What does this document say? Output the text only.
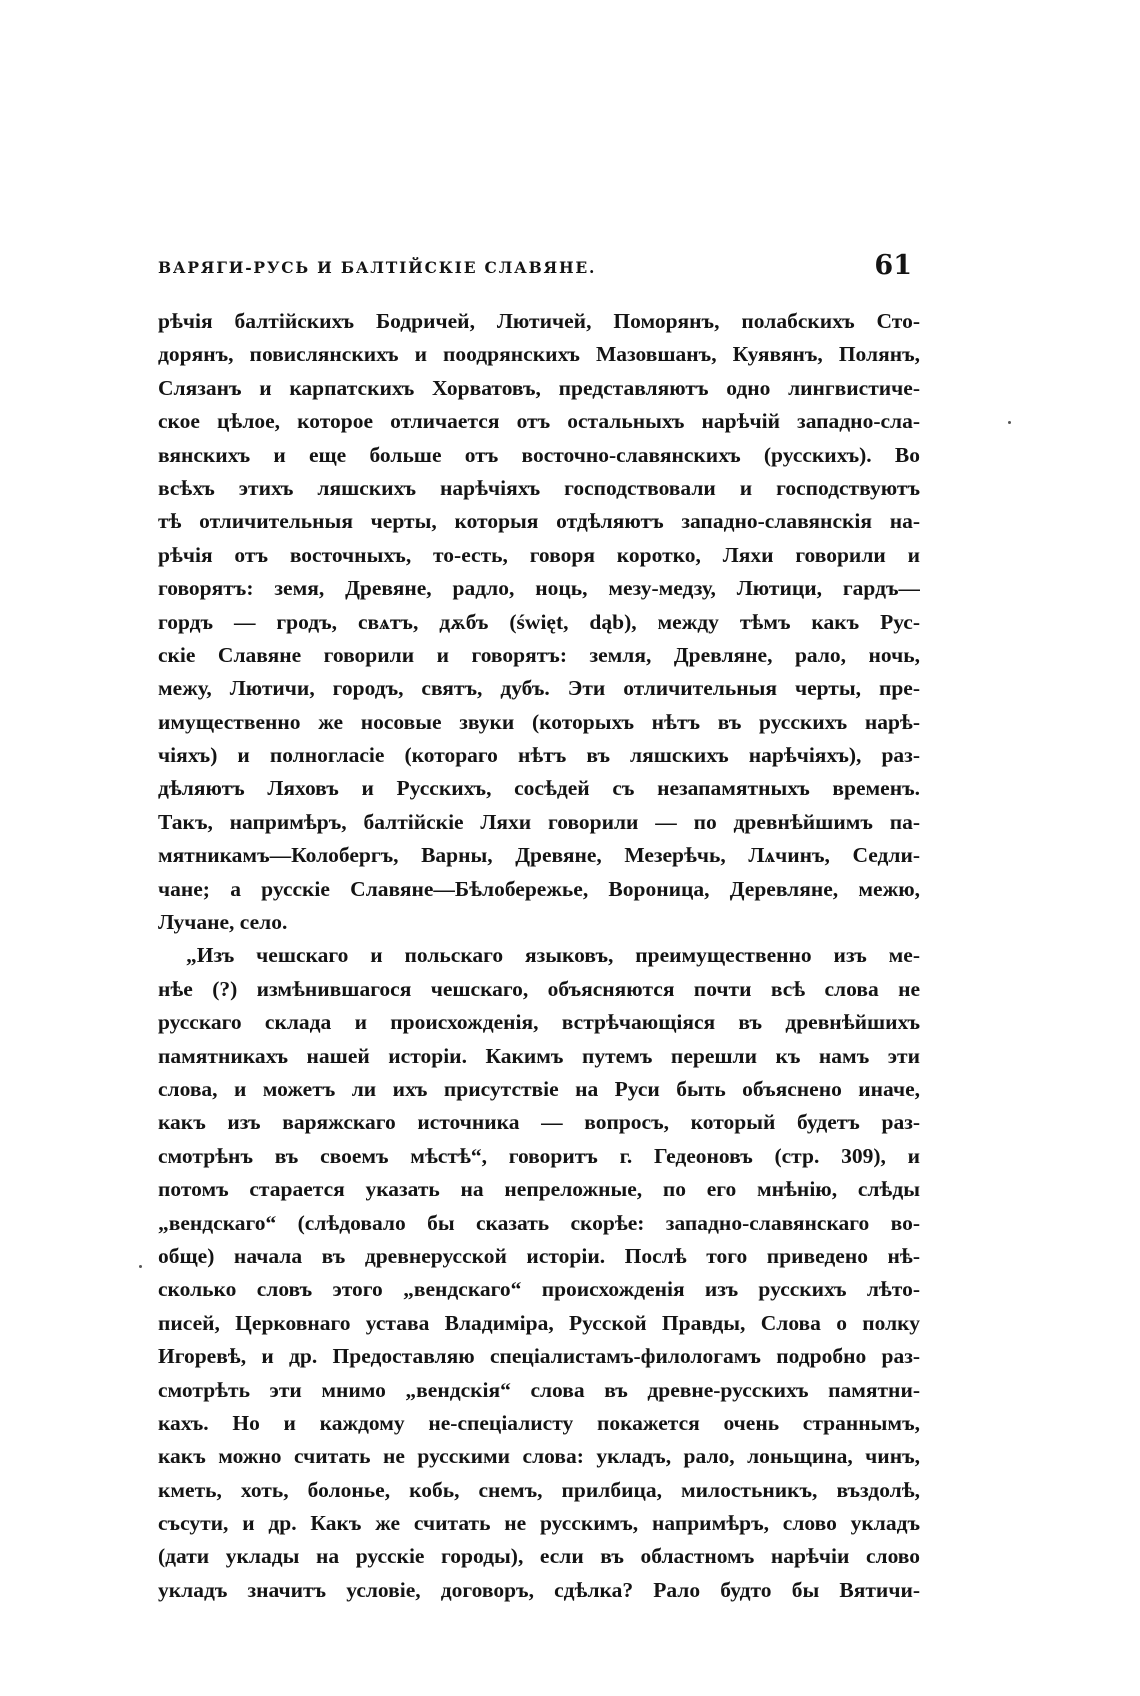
ВАРЯГИ-РУСЬ И БАЛТІЙСКІЕ СЛАВЯНЕ.	61
рѣчія балтійскихъ Бодричей, Лютичей, Поморянъ, полабскихъ Сто-
дорянъ, повислянскихъ и поодрянскихъ Мазовшанъ, Куявянъ, Полянъ,
Слязанъ и карпатскихъ Хорватовъ, представляютъ одно лингвистиче-
ское цѣлое, которое отличается отъ остальныхъ нарѣчій западно-сла-
вянскихъ и еще больше отъ восточно-славянскихъ (русскихъ). Во
всѣхъ этихъ ляшскихъ нарѣчіяхъ господствовали и господствуютъ
тѣ отличительныя черты, которыя отдѣляютъ западно-славянскія на-
рѣчія отъ восточныхъ, то-есть, говоря коротко, Ляхи говорили и
говорятъ: земя, Древяне, радло, ноць, мезу-медзу, Лютици, гардъ—
гордъ — гродъ, свѧтъ, дѫбъ (święt, dąb), между тѣмъ какъ Рус-
скіе Славяне говорили и говорятъ: земля, Древляне, рало, ночь,
межу, Лютичи, городъ, святъ, дубъ. Эти отличительныя черты, пре-
имущественно же носовые звуки (которыхъ нѣтъ въ русскихъ нарѣ-
чіяхъ) и полногласіе (котораго нѣтъ въ ляшскихъ нарѣчіяхъ), раз-
дѣляютъ Ляховъ и Русскихъ, сосѣдей съ незапамятныхъ временъ.
Такъ, напримѣръ, балтійскіе Ляхи говорили — по древнѣйшимъ па-
мятникамъ—Колобергъ, Варны, Древяне, Мезерѣчь, Лѧчинъ, Седли-
чане; а русскіе Славяне—Бѣлобережье, Вороница, Деревляне, межю,
Лучане, село.
„Изъ чешскаго и польскаго языковъ, преимущественно изъ ме-
нѣе (?) измѣнившагося чешскаго, объясняются почти всѣ слова не
русскаго склада и происхожденія, встрѣчающіяся въ древнѣйшихъ
памятникахъ нашей исторіи. Какимъ путемъ перешли къ намъ эти
слова, и можетъ ли ихъ присутствіе на Руси быть объяснено иначе,
какъ изъ варяжскаго источника — вопросъ, который будетъ раз-
смотрѣнъ въ своемъ мѣстѣ“, говоритъ г. Гедеоновъ (стр. 309), и
потомъ старается указать на непреложные, по его мнѣнію, слѣды
„вендскаго“ (слѣдовало бы сказать скорѣе: западно-славянскаго во-
обще) начала въ древнерусской исторіи. Послѣ того приведено нѣ-
сколько словъ этого „вендскаго“ происхожденія изъ русскихъ лѣто-
писей, Церковнаго устава Владиміра, Русской Правды, Слова о полку
Игоревѣ, и др. Предоставляю спеціалистамъ-филологамъ подробно раз-
смотрѣть эти мнимо „вендскія“ слова въ древне-русскихъ памятни-
кахъ. Но и каждому не-спеціалисту покажется очень страннымъ,
какъ можно считать не русскими слова: укладъ, рало, лоньщина, чинъ,
кметь, хоть, болонье, кобь, снемъ, прилбица, милостьникъ, въздолѣ,
съсути, и др. Какъ же считать не русскимъ, напримѣръ, слово укладъ
(дати уклады на русскіе городы), если въ областномъ нарѣчіи слово
укладъ значитъ условіе, договоръ, сдѣлка? Рало будто бы Вятичи-
